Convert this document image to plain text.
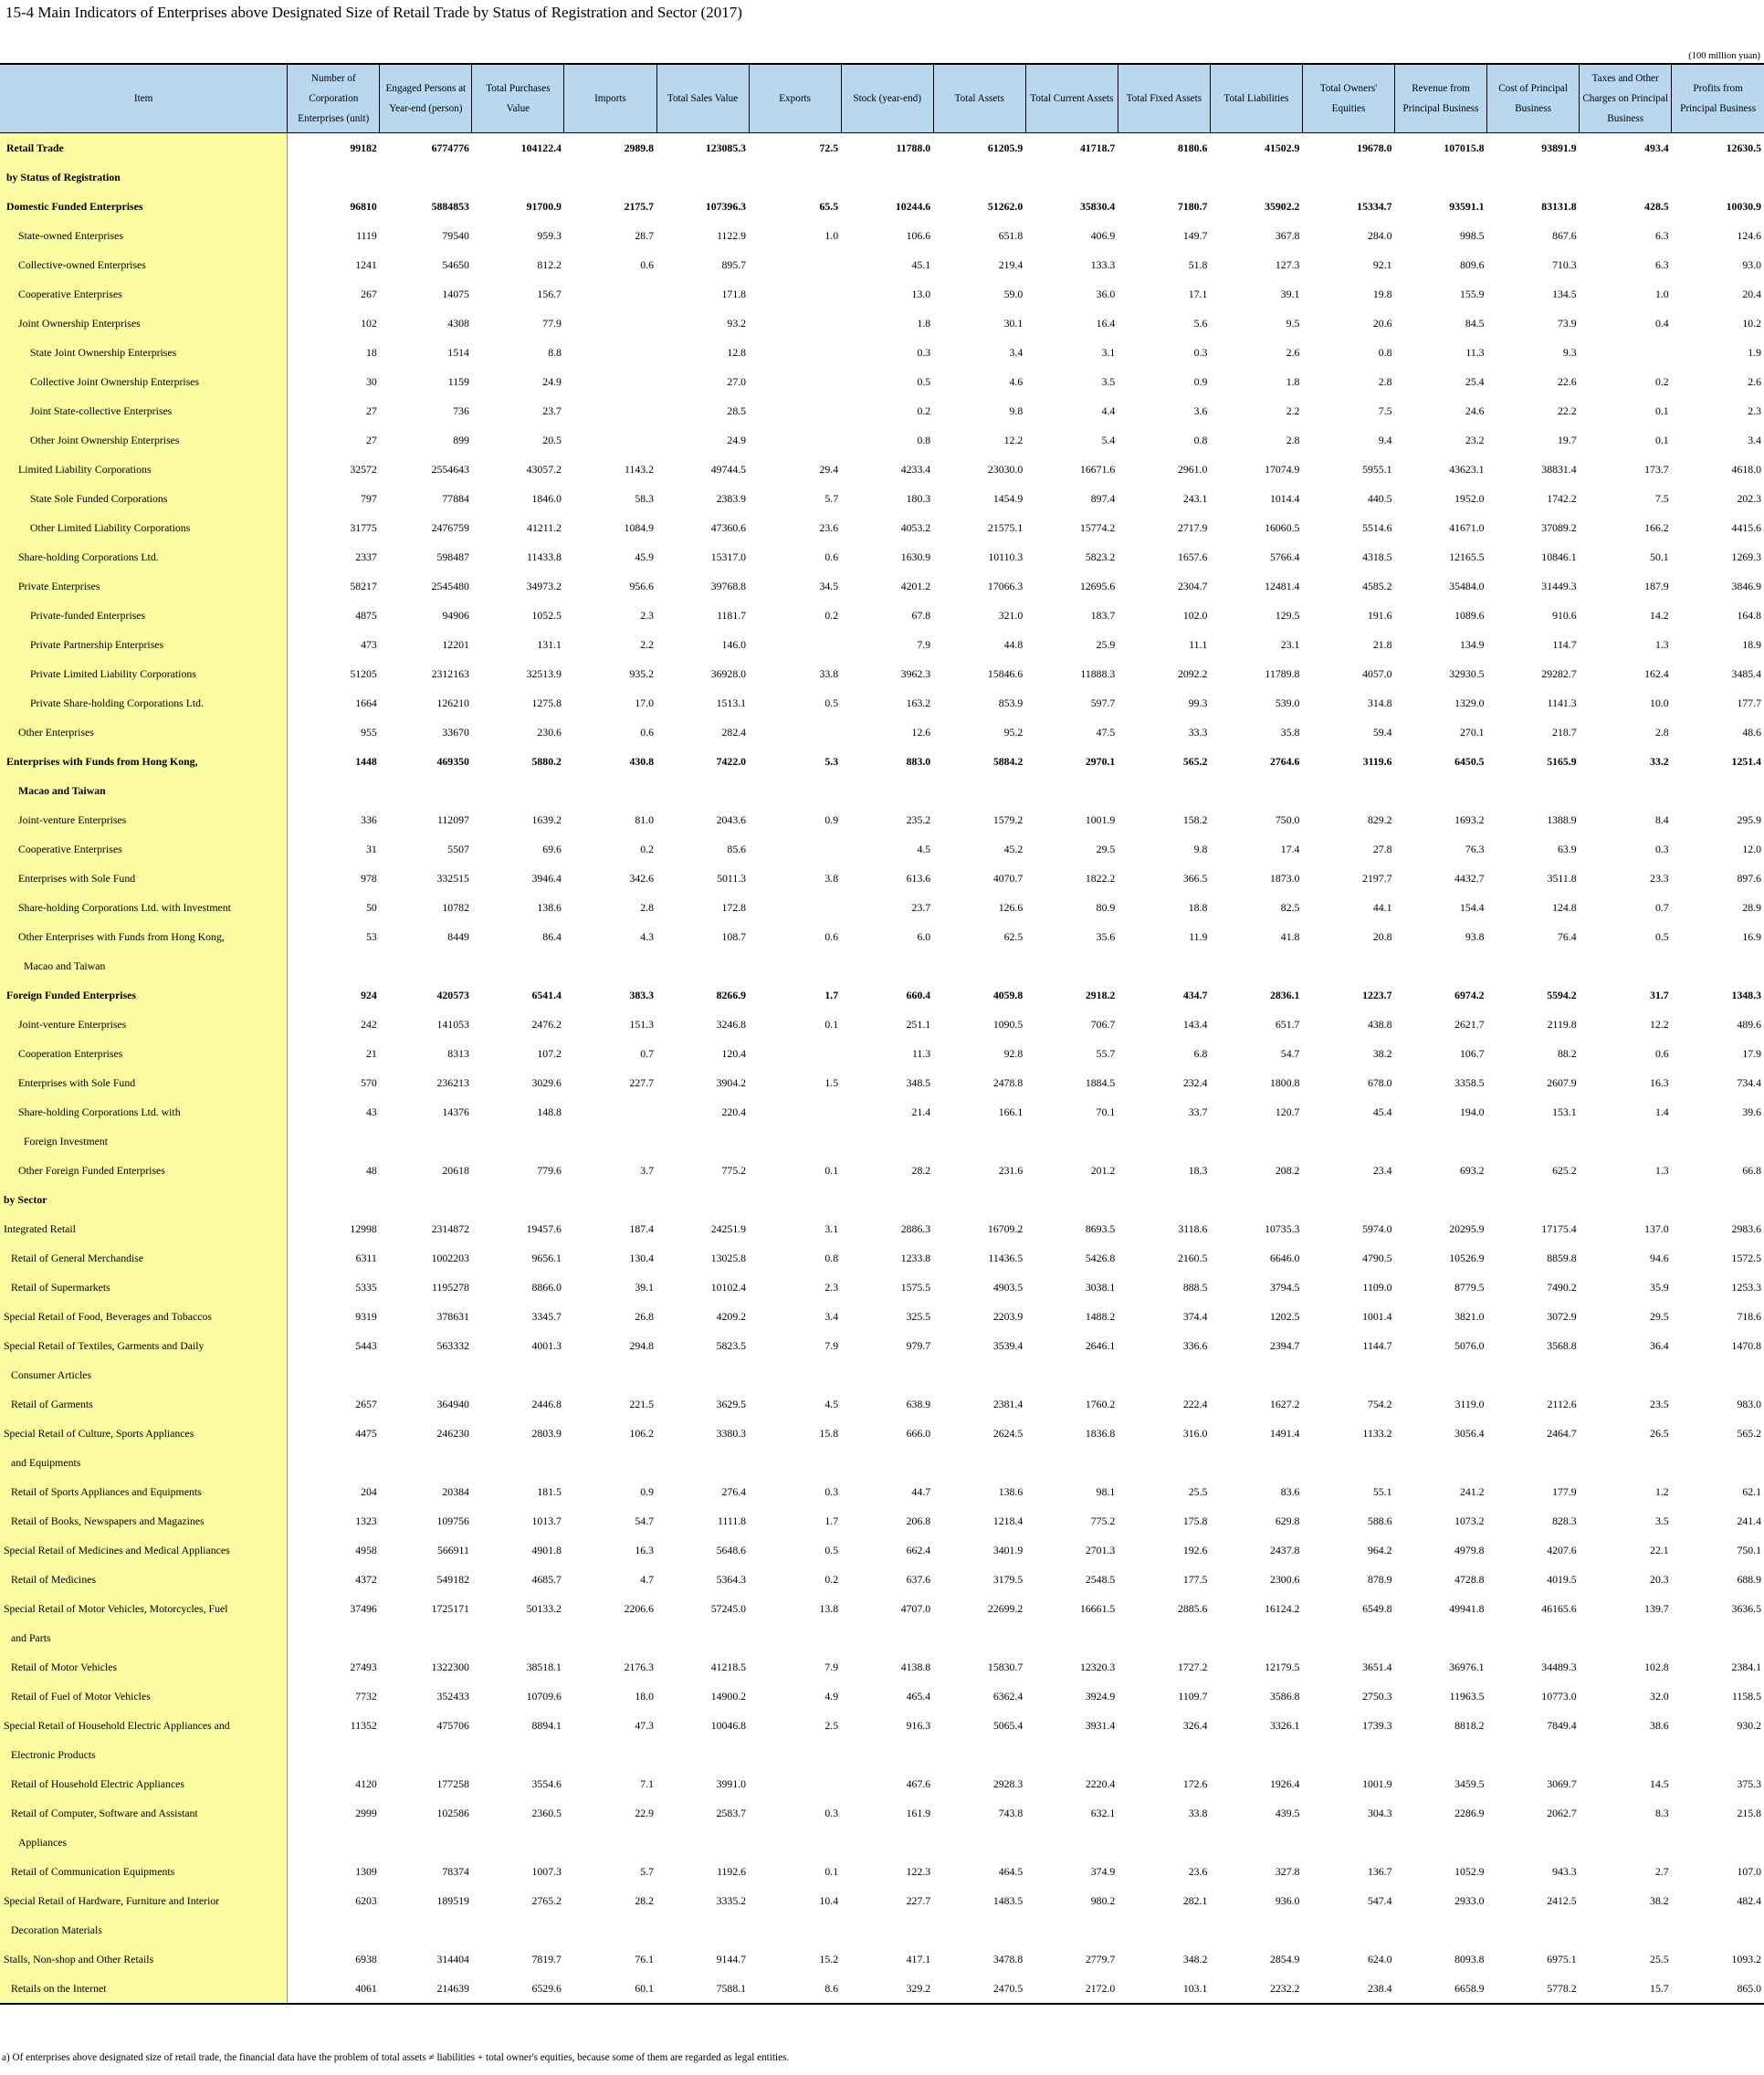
15-4 Main Indicators of Enterprises above Designated Size of Retail Trade by Status of Registration and Sector (2017)
(100 million yuan)
Item	Number of Corporation Enterprises (unit)	Engaged Persons at Year-end (person)	Total Purchases Value	Imports	Total Sales Value	Exports	Stock (year-end)	Total Assets	Total Current Assets	Total Fixed Assets	Total Liabilities	Total Owners' Equities	Revenue from Principal Business	Cost of Principal Business	Taxes and Other Charges on Principal Business	Profits from Principal Business
Retail Trade	99182	6774776	104122.4	2989.8	123085.3	72.5	11788.0	61205.9	41718.7	8180.6	41502.9	19678.0	107015.8	93891.9	493.4	12630.5
by Status of Registration																
Domestic Funded Enterprises	96810	5884853	91700.9	2175.7	107396.3	65.5	10244.6	51262.0	35830.4	7180.7	35902.2	15334.7	93591.1	83131.8	428.5	10030.9
State-owned Enterprises	1119	79540	959.3	28.7	1122.9	1.0	106.6	651.8	406.9	149.7	367.8	284.0	998.5	867.6	6.3	124.6
Collective-owned Enterprises	1241	54650	812.2	0.6	895.7		45.1	219.4	133.3	51.8	127.3	92.1	809.6	710.3	6.3	93.0
Cooperative Enterprises	267	14075	156.7		171.8		13.0	59.0	36.0	17.1	39.1	19.8	155.9	134.5	1.0	20.4
Joint Ownership Enterprises	102	4308	77.9		93.2		1.8	30.1	16.4	5.6	9.5	20.6	84.5	73.9	0.4	10.2
State Joint Ownership Enterprises	18	1514	8.8		12.8		0.3	3.4	3.1	0.3	2.6	0.8	11.3	9.3		1.9
Collective Joint Ownership Enterprises	30	1159	24.9		27.0		0.5	4.6	3.5	0.9	1.8	2.8	25.4	22.6	0.2	2.6
Joint State-collective Enterprises	27	736	23.7		28.5		0.2	9.8	4.4	3.6	2.2	7.5	24.6	22.2	0.1	2.3
Other Joint Ownership Enterprises	27	899	20.5		24.9		0.8	12.2	5.4	0.8	2.8	9.4	23.2	19.7	0.1	3.4
Limited Liability Corporations	32572	2554643	43057.2	1143.2	49744.5	29.4	4233.4	23030.0	16671.6	2961.0	17074.9	5955.1	43623.1	38831.4	173.7	4618.0
State Sole Funded Corporations	797	77884	1846.0	58.3	2383.9	5.7	180.3	1454.9	897.4	243.1	1014.4	440.5	1952.0	1742.2	7.5	202.3
Other Limited Liability Corporations	31775	2476759	41211.2	1084.9	47360.6	23.6	4053.2	21575.1	15774.2	2717.9	16060.5	5514.6	41671.0	37089.2	166.2	4415.6
Share-holding Corporations Ltd.	2337	598487	11433.8	45.9	15317.0	0.6	1630.9	10110.3	5823.2	1657.6	5766.4	4318.5	12165.5	10846.1	50.1	1269.3
Private Enterprises	58217	2545480	34973.2	956.6	39768.8	34.5	4201.2	17066.3	12695.6	2304.7	12481.4	4585.2	35484.0	31449.3	187.9	3846.9
Private-funded Enterprises	4875	94906	1052.5	2.3	1181.7	0.2	67.8	321.0	183.7	102.0	129.5	191.6	1089.6	910.6	14.2	164.8
Private Partnership Enterprises	473	12201	131.1	2.2	146.0		7.9	44.8	25.9	11.1	23.1	21.8	134.9	114.7	1.3	18.9
Private Limited Liability Corporations	51205	2312163	32513.9	935.2	36928.0	33.8	3962.3	15846.6	11888.3	2092.2	11789.8	4057.0	32930.5	29282.7	162.4	3485.4
Private Share-holding Corporations Ltd.	1664	126210	1275.8	17.0	1513.1	0.5	163.2	853.9	597.7	99.3	539.0	314.8	1329.0	1141.3	10.0	177.7
Other Enterprises	955	33670	230.6	0.6	282.4		12.6	95.2	47.5	33.3	35.8	59.4	270.1	218.7	2.8	48.6
Enterprises with Funds from Hong Kong,	1448	469350	5880.2	430.8	7422.0	5.3	883.0	5884.2	2970.1	565.2	2764.6	3119.6	6450.5	5165.9	33.2	1251.4
Macao and Taiwan																
Joint-venture Enterprises	336	112097	1639.2	81.0	2043.6	0.9	235.2	1579.2	1001.9	158.2	750.0	829.2	1693.2	1388.9	8.4	295.9
Cooperative Enterprises	31	5507	69.6	0.2	85.6		4.5	45.2	29.5	9.8	17.4	27.8	76.3	63.9	0.3	12.0
Enterprises with Sole Fund	978	332515	3946.4	342.6	5011.3	3.8	613.6	4070.7	1822.2	366.5	1873.0	2197.7	4432.7	3511.8	23.3	897.6
Share-holding Corporations Ltd. with Investment	50	10782	138.6	2.8	172.8		23.7	126.6	80.9	18.8	82.5	44.1	154.4	124.8	0.7	28.9
Other Enterprises with Funds from Hong Kong,	53	8449	86.4	4.3	108.7	0.6	6.0	62.5	35.6	11.9	41.8	20.8	93.8	76.4	0.5	16.9
Macao and Taiwan																
Foreign Funded Enterprises	924	420573	6541.4	383.3	8266.9	1.7	660.4	4059.8	2918.2	434.7	2836.1	1223.7	6974.2	5594.2	31.7	1348.3
Joint-venture Enterprises	242	141053	2476.2	151.3	3246.8	0.1	251.1	1090.5	706.7	143.4	651.7	438.8	2621.7	2119.8	12.2	489.6
Cooperation Enterprises	21	8313	107.2	0.7	120.4		11.3	92.8	55.7	6.8	54.7	38.2	106.7	88.2	0.6	17.9
Enterprises with Sole Fund	570	236213	3029.6	227.7	3904.2	1.5	348.5	2478.8	1884.5	232.4	1800.8	678.0	3358.5	2607.9	16.3	734.4
Share-holding Corporations Ltd. with	43	14376	148.8		220.4		21.4	166.1	70.1	33.7	120.7	45.4	194.0	153.1	1.4	39.6
Foreign Investment																
Other Foreign Funded Enterprises	48	20618	779.6	3.7	775.2	0.1	28.2	231.6	201.2	18.3	208.2	23.4	693.2	625.2	1.3	66.8
by Sector																
Integrated Retail	12998	2314872	19457.6	187.4	24251.9	3.1	2886.3	16709.2	8693.5	3118.6	10735.3	5974.0	20295.9	17175.4	137.0	2983.6
Retail of General Merchandise	6311	1002203	9656.1	130.4	13025.8	0.8	1233.8	11436.5	5426.8	2160.5	6646.0	4790.5	10526.9	8859.8	94.6	1572.5
Retail of Supermarkets	5335	1195278	8866.0	39.1	10102.4	2.3	1575.5	4903.5	3038.1	888.5	3794.5	1109.0	8779.5	7490.2	35.9	1253.3
Special Retail of Food, Beverages and Tobaccos	9319	378631	3345.7	26.8	4209.2	3.4	325.5	2203.9	1488.2	374.4	1202.5	1001.4	3821.0	3072.9	29.5	718.6
Special Retail of Textiles, Garments and Daily	5443	563332	4001.3	294.8	5823.5	7.9	979.7	3539.4	2646.1	336.6	2394.7	1144.7	5076.0	3568.8	36.4	1470.8
Consumer Articles																
Retail of Garments	2657	364940	2446.8	221.5	3629.5	4.5	638.9	2381.4	1760.2	222.4	1627.2	754.2	3119.0	2112.6	23.5	983.0
Special Retail of Culture, Sports Appliances	4475	246230	2803.9	106.2	3380.3	15.8	666.0	2624.5	1836.8	316.0	1491.4	1133.2	3056.4	2464.7	26.5	565.2
and Equipments																
Retail of Sports Appliances and Equipments	204	20384	181.5	0.9	276.4	0.3	44.7	138.6	98.1	25.5	83.6	55.1	241.2	177.9	1.2	62.1
Retail of Books, Newspapers and Magazines	1323	109756	1013.7	54.7	1111.8	1.7	206.8	1218.4	775.2	175.8	629.8	588.6	1073.2	828.3	3.5	241.4
Special Retail of Medicines and Medical Appliances	4958	566911	4901.8	16.3	5648.6	0.5	662.4	3401.9	2701.3	192.6	2437.8	964.2	4979.8	4207.6	22.1	750.1
Retail of Medicines	4372	549182	4685.7	4.7	5364.3	0.2	637.6	3179.5	2548.5	177.5	2300.6	878.9	4728.8	4019.5	20.3	688.9
Special Retail of Motor Vehicles, Motorcycles, Fuel	37496	1725171	50133.2	2206.6	57245.0	13.8	4707.0	22699.2	16661.5	2885.6	16124.2	6549.8	49941.8	46165.6	139.7	3636.5
and Parts																
Retail of Motor Vehicles	27493	1322300	38518.1	2176.3	41218.5	7.9	4138.8	15830.7	12320.3	1727.2	12179.5	3651.4	36976.1	34489.3	102.8	2384.1
Retail of Fuel of Motor Vehicles	7732	352433	10709.6	18.0	14900.2	4.9	465.4	6362.4	3924.9	1109.7	3586.8	2750.3	11963.5	10773.0	32.0	1158.5
Special Retail of Household Electric Appliances and	11352	475706	8894.1	47.3	10046.8	2.5	916.3	5065.4	3931.4	326.4	3326.1	1739.3	8818.2	7849.4	38.6	930.2
Electronic Products																
Retail of Household Electric Appliances	4120	177258	3554.6	7.1	3991.0		467.6	2928.3	2220.4	172.6	1926.4	1001.9	3459.5	3069.7	14.5	375.3
Retail of Computer, Software and Assistant	2999	102586	2360.5	22.9	2583.7	0.3	161.9	743.8	632.1	33.8	439.5	304.3	2286.9	2062.7	8.3	215.8
Appliances																
Retail of Communication Equipments	1309	78374	1007.3	5.7	1192.6	0.1	122.3	464.5	374.9	23.6	327.8	136.7	1052.9	943.3	2.7	107.0
Special Retail of Hardware, Furniture and Interior	6203	189519	2765.2	28.2	3335.2	10.4	227.7	1483.5	980.2	282.1	936.0	547.4	2933.0	2412.5	38.2	482.4
Decoration Materials																
Stalls, Non-shop and Other Retails	6938	314404	7819.7	76.1	9144.7	15.2	417.1	3478.8	2779.7	348.2	2854.9	624.0	8093.8	6975.1	25.5	1093.2
Retails on the Internet	4061	214639	6529.6	60.1	7588.1	8.6	329.2	2470.5	2172.0	103.1	2232.2	238.4	6658.9	5778.2	15.7	865.0
a) Of enterprises above designated size of retail trade, the financial data have the problem of total assets ≠ liabilities + total owner's equities, because some of them are regarded as legal entities.
